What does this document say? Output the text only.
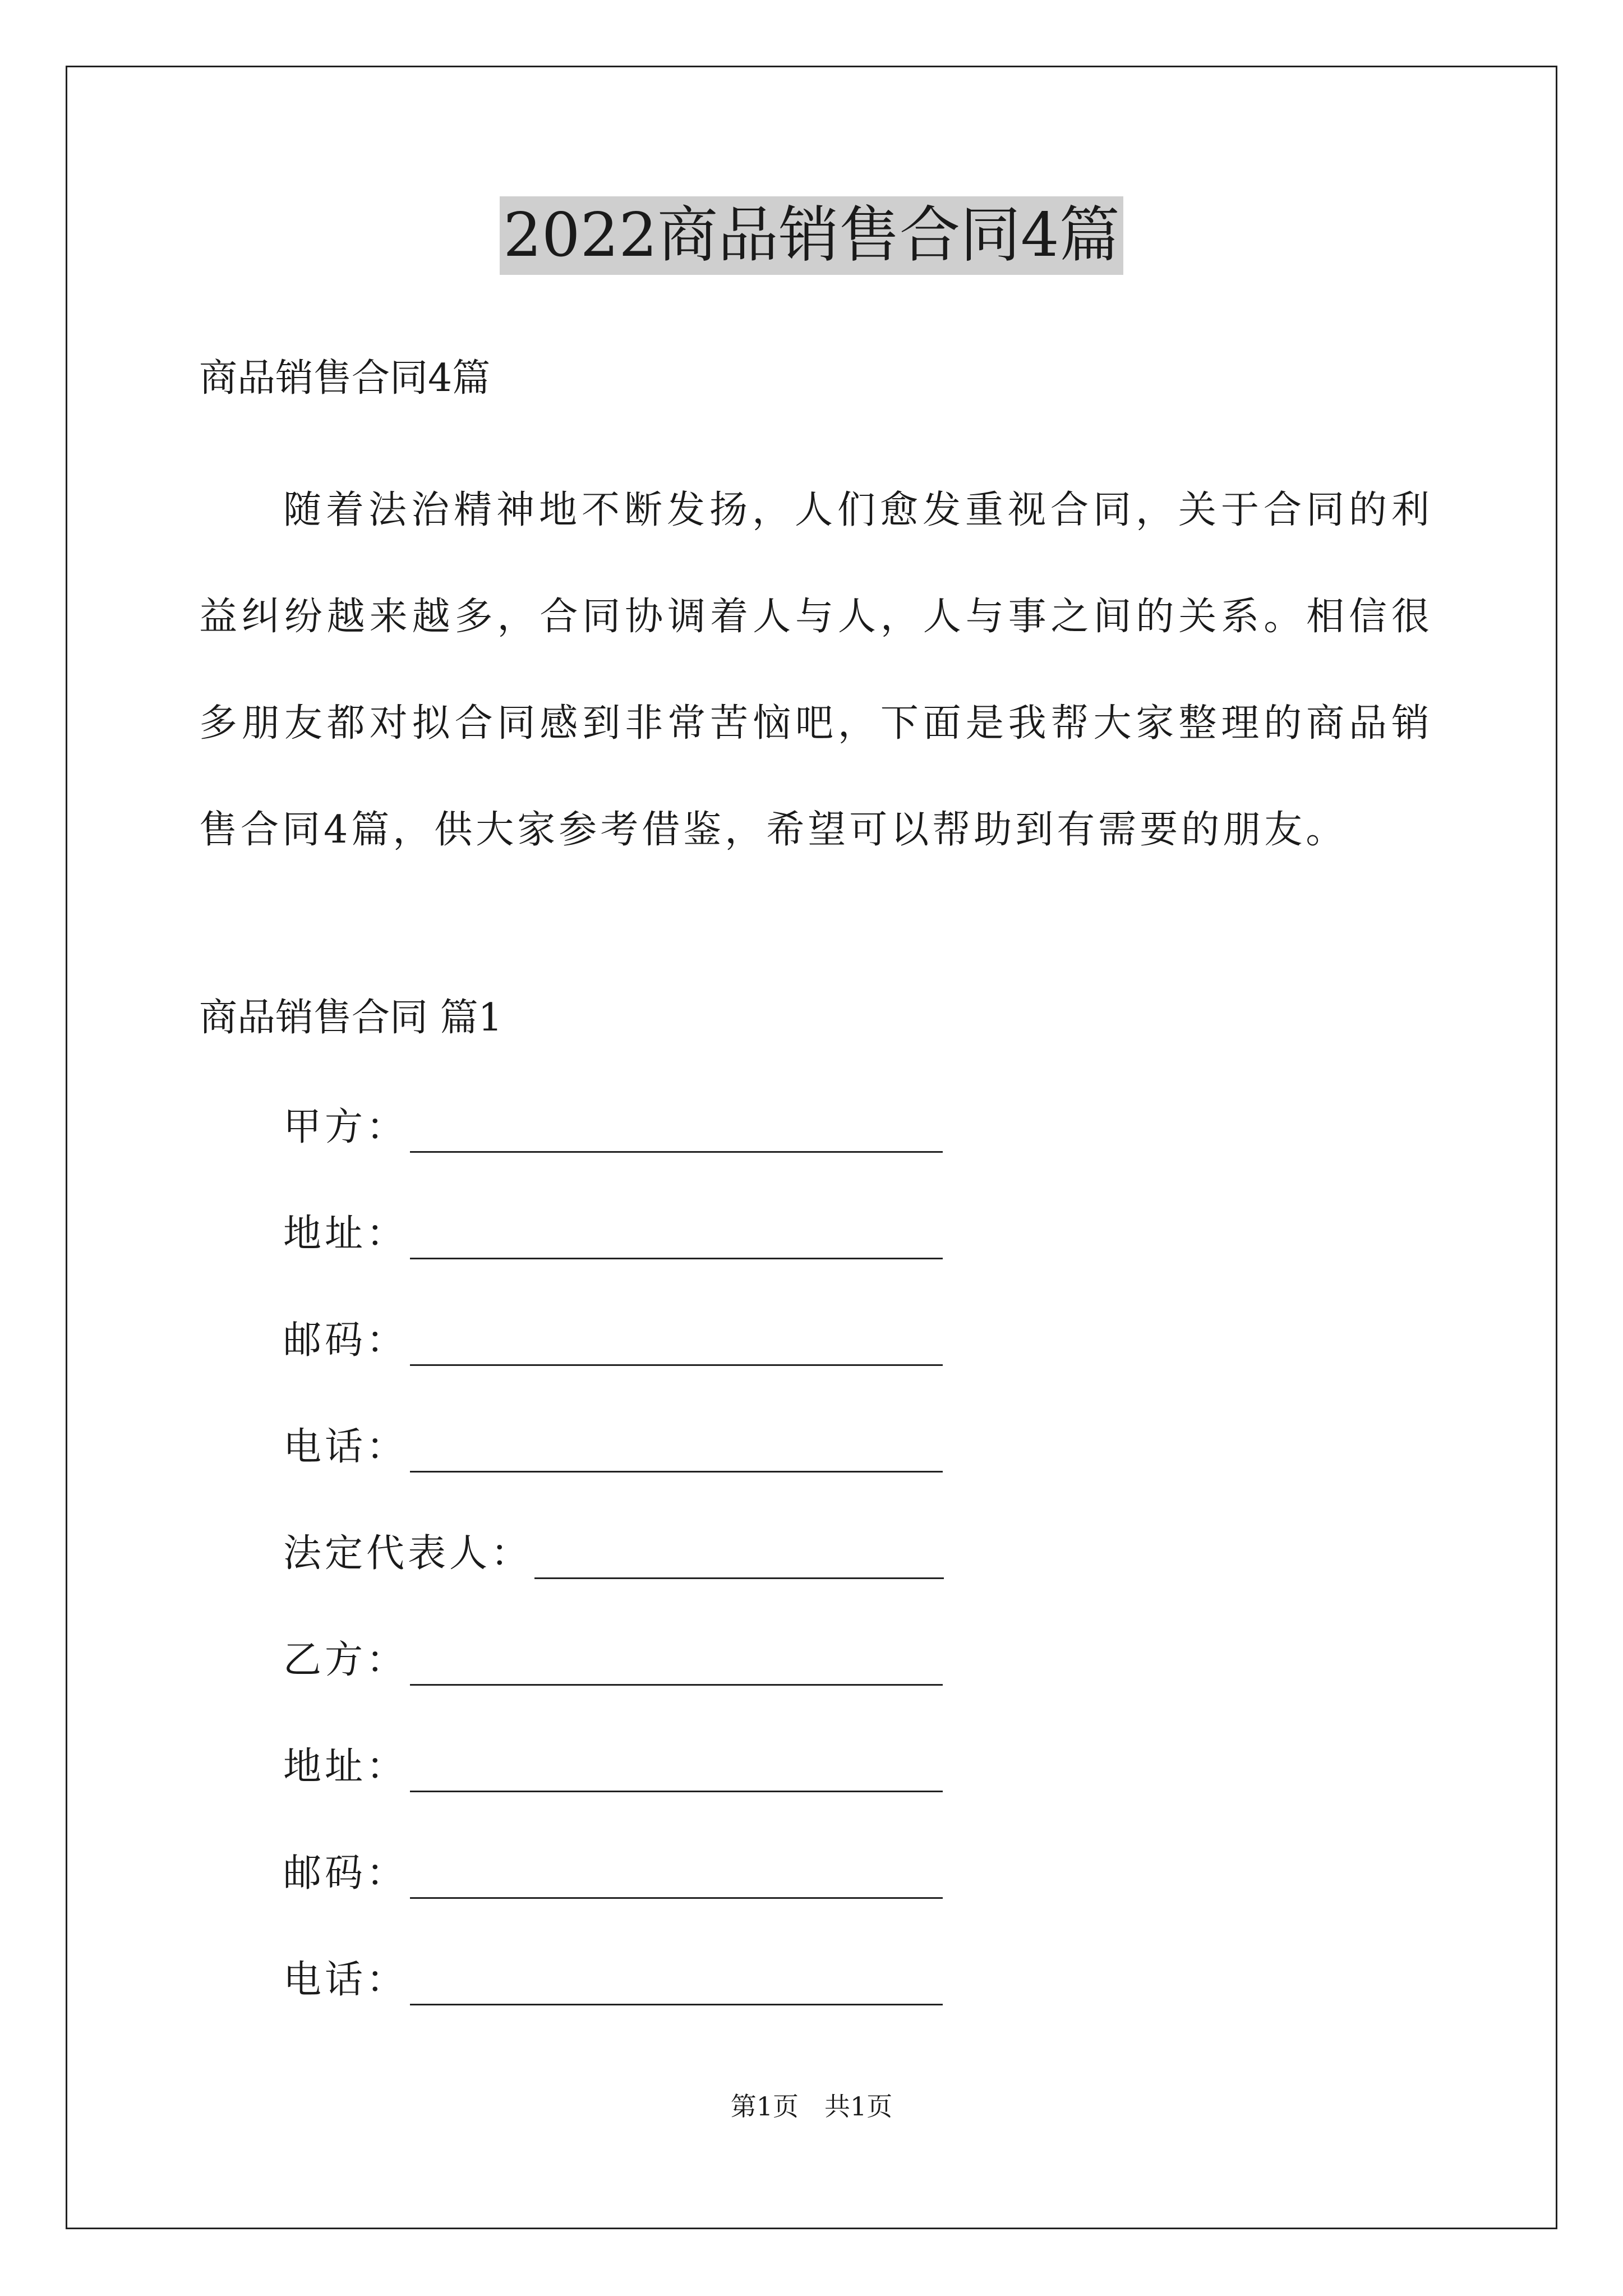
2022商品销售合同4篇
商品销售合同4篇
随着法治精神地不断发扬，人们愈发重视合同，关于合同的利益纠纷越来越多，合同协调着人与人，人与事之间的关系。相信很多朋友都对拟合同感到非常苦恼吧，下面是我帮大家整理的商品销售合同4篇，供大家参考借鉴，希望可以帮助到有需要的朋友。
商品销售合同 篇1
甲方：
地址：
邮码：
电话：
法定代表人：
乙方：
地址：
邮码：
电话：
第1页　共1页
